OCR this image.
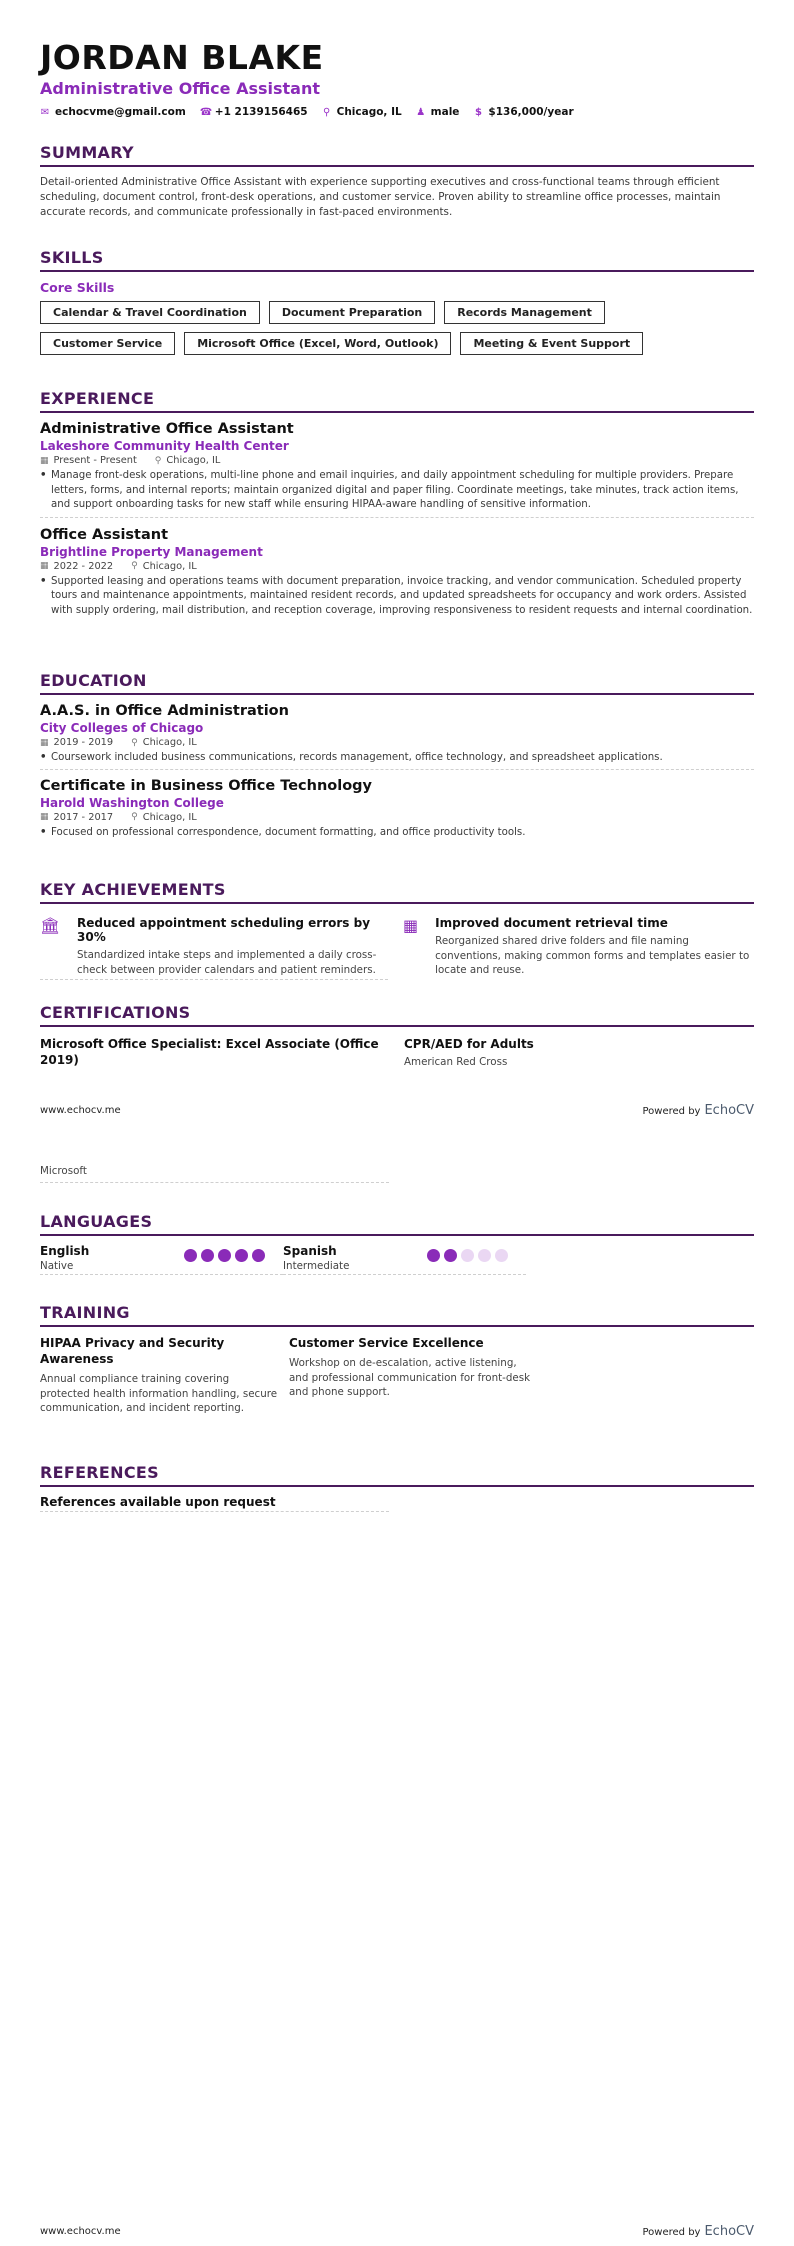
JORDAN BLAKE
Administrative Office Assistant
✉ echocvme@gmail.com ☎ +1 2139156465 ⚲ Chicago, IL ♟ male $ $136,000/year
SUMMARY
Detail-oriented Administrative Office Assistant with experience supporting executives and cross-functional teams through efficient scheduling, document control, front-desk operations, and customer service. Proven ability to streamline office processes, maintain accurate records, and communicate professionally in fast-paced environments.
SKILLS
Core Skills
Calendar & Travel Coordination	Document Preparation	Records Management
Customer Service	Microsoft Office (Excel, Word, Outlook)	Meeting & Event Support
EXPERIENCE
Administrative Office Assistant
Lakeshore Community Health Center
▦ Present - Present ⚲ Chicago, IL
• Manage front-desk operations, multi-line phone and email inquiries, and daily appointment scheduling for multiple providers. Prepare letters, forms, and internal reports; maintain organized digital and paper filing. Coordinate meetings, take minutes, track action items, and support onboarding tasks for new staff while ensuring HIPAA-aware handling of sensitive information.
Office Assistant
Brightline Property Management
▦ 2022 - 2022 ⚲ Chicago, IL
• Supported leasing and operations teams with document preparation, invoice tracking, and vendor communication. Scheduled property tours and maintenance appointments, maintained resident records, and updated spreadsheets for occupancy and work orders. Assisted with supply ordering, mail distribution, and reception coverage, improving responsiveness to resident requests and internal coordination.
EDUCATION
A.A.S. in Office Administration
City Colleges of Chicago
▦ 2019 - 2019 ⚲ Chicago, IL
• Coursework included business communications, records management, office technology, and spreadsheet applications.
Certificate in Business Office Technology
Harold Washington College
▦ 2017 - 2017 ⚲ Chicago, IL
• Focused on professional correspondence, document formatting, and office productivity tools.
KEY ACHIEVEMENTS
🏛 Reduced appointment scheduling errors by 30%
Standardized intake steps and implemented a daily cross-check between provider calendars and patient reminders.
▦ Improved document retrieval time
Reorganized shared drive folders and file naming conventions, making common forms and templates easier to locate and reuse.
CERTIFICATIONS
Microsoft Office Specialist: Excel Associate (Office 2019)
CPR/AED for Adults
American Red Cross
www.echocv.me	Powered by EchoCV
Microsoft
LANGUAGES
English
Native
Spanish
Intermediate
TRAINING
HIPAA Privacy and Security Awareness
Annual compliance training covering protected health information handling, secure communication, and incident reporting.
Customer Service Excellence
Workshop on de-escalation, active listening, and professional communication for front-desk and phone support.
REFERENCES
References available upon request
www.echocv.me	Powered by EchoCV
